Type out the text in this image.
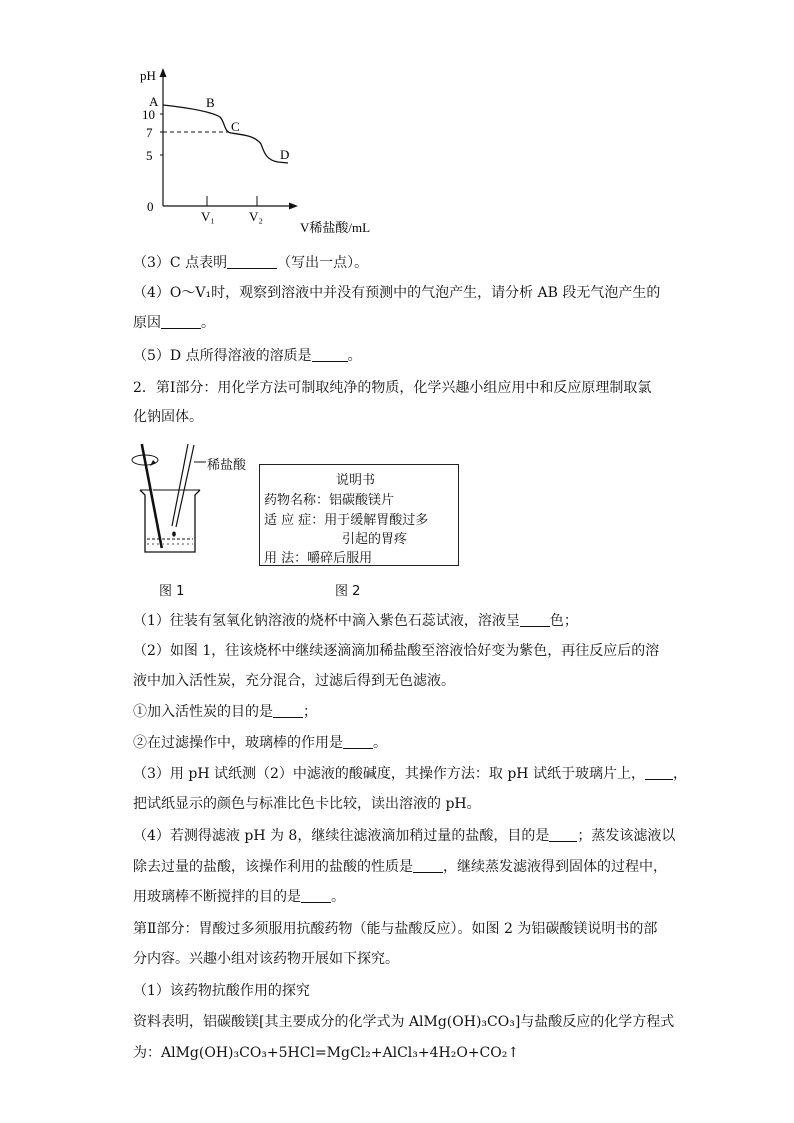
pH
0
10
7
5
V₁	V₂
V稀盐酸/mL
A	B
C
D
（3）C 点表明	（写出一点）。
（4）O～V₁时，观察到溶液中并没有预测中的气泡产生，请分析 AB 段无气泡产生的
原因	。
（5）D 点所得溶液的溶质是	。
2．第Ⅰ部分：用化学方法可制取纯净的物质，化学兴趣小组应用中和反应原理制取氯
化钠固体。
稀盐酸
图 1
说明书
药物名称：铝碳酸镁片
适 应 症：用于缓解胃酸过多
引起的胃疼
用 法：嚼碎后服用
图 2
（1）往装有氢氧化钠溶液的烧杯中滴入紫色石蕊试液，溶液呈 色；
（2）如图 1，往该烧杯中继续逐滴滴加稀盐酸至溶液恰好变为紫色，再往反应后的溶
液中加入活性炭，充分混合，过滤后得到无色滤液。
①加入活性炭的目的是 ；
②在过滤操作中，玻璃棒的作用是 。
（3）用 pH 试纸测（2）中滤液的酸碱度，其操作方法：取 pH 试纸于玻璃片上， ，
把试纸显示的颜色与标准比色卡比较，读出溶液的 pH。
（4）若测得滤液 pH 为 8，继续往滤液滴加稍过量的盐酸，目的是 ；蒸发该滤液以
除去过量的盐酸，该操作利用的盐酸的性质是 ，继续蒸发滤液得到固体的过程中，
用玻璃棒不断搅拌的目的是 。
第Ⅱ部分：胃酸过多须服用抗酸药物（能与盐酸反应）。如图 2 为铝碳酸镁说明书的部
分内容。兴趣小组对该药物开展如下探究。
（1）该药物抗酸作用的探究
资料表明，铝碳酸镁[其主要成分的化学式为 AlMg(OH)₃CO₃]与盐酸反应的化学方程式
为：AlMg(OH)₃CO₃+5HCl=MgCl₂+AlCl₃+4H₂O+CO₂↑
